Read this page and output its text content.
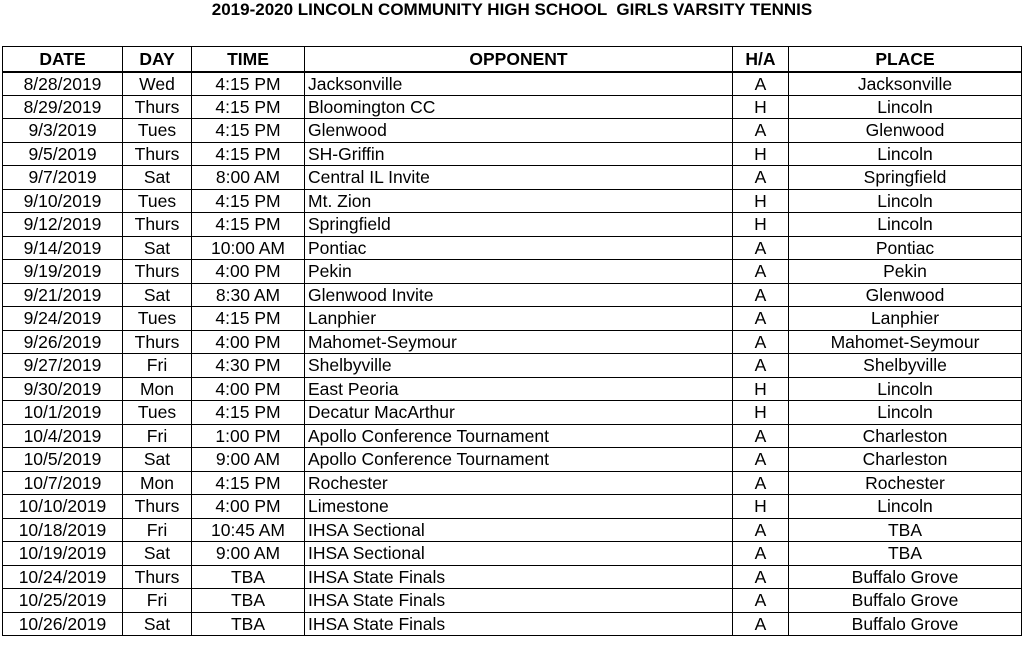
2019-2020 LINCOLN COMMUNITY HIGH SCHOOL  GIRLS VARSITY TENNIS
DATE	DAY	TIME	OPPONENT	H/A	PLACE
8/28/2019	Wed	4:15 PM	Jacksonville	A	Jacksonville
8/29/2019	Thurs	4:15 PM	Bloomington CC	H	Lincoln
9/3/2019	Tues	4:15 PM	Glenwood	A	Glenwood
9/5/2019	Thurs	4:15 PM	SH-Griffin	H	Lincoln
9/7/2019	Sat	8:00 AM	Central IL Invite	A	Springfield
9/10/2019	Tues	4:15 PM	Mt. Zion	H	Lincoln
9/12/2019	Thurs	4:15 PM	Springfield	H	Lincoln
9/14/2019	Sat	10:00 AM	Pontiac	A	Pontiac
9/19/2019	Thurs	4:00 PM	Pekin	A	Pekin
9/21/2019	Sat	8:30 AM	Glenwood Invite	A	Glenwood
9/24/2019	Tues	4:15 PM	Lanphier	A	Lanphier
9/26/2019	Thurs	4:00 PM	Mahomet-Seymour	A	Mahomet-Seymour
9/27/2019	Fri	4:30 PM	Shelbyville	A	Shelbyville
9/30/2019	Mon	4:00 PM	East Peoria	H	Lincoln
10/1/2019	Tues	4:15 PM	Decatur MacArthur	H	Lincoln
10/4/2019	Fri	1:00 PM	Apollo Conference Tournament	A	Charleston
10/5/2019	Sat	9:00 AM	Apollo Conference Tournament	A	Charleston
10/7/2019	Mon	4:15 PM	Rochester	A	Rochester
10/10/2019	Thurs	4:00 PM	Limestone	H	Lincoln
10/18/2019	Fri	10:45 AM	IHSA Sectional	A	TBA
10/19/2019	Sat	9:00 AM	IHSA Sectional	A	TBA
10/24/2019	Thurs	TBA	IHSA State Finals	A	Buffalo Grove
10/25/2019	Fri	TBA	IHSA State Finals	A	Buffalo Grove
10/26/2019	Sat	TBA	IHSA State Finals	A	Buffalo Grove
